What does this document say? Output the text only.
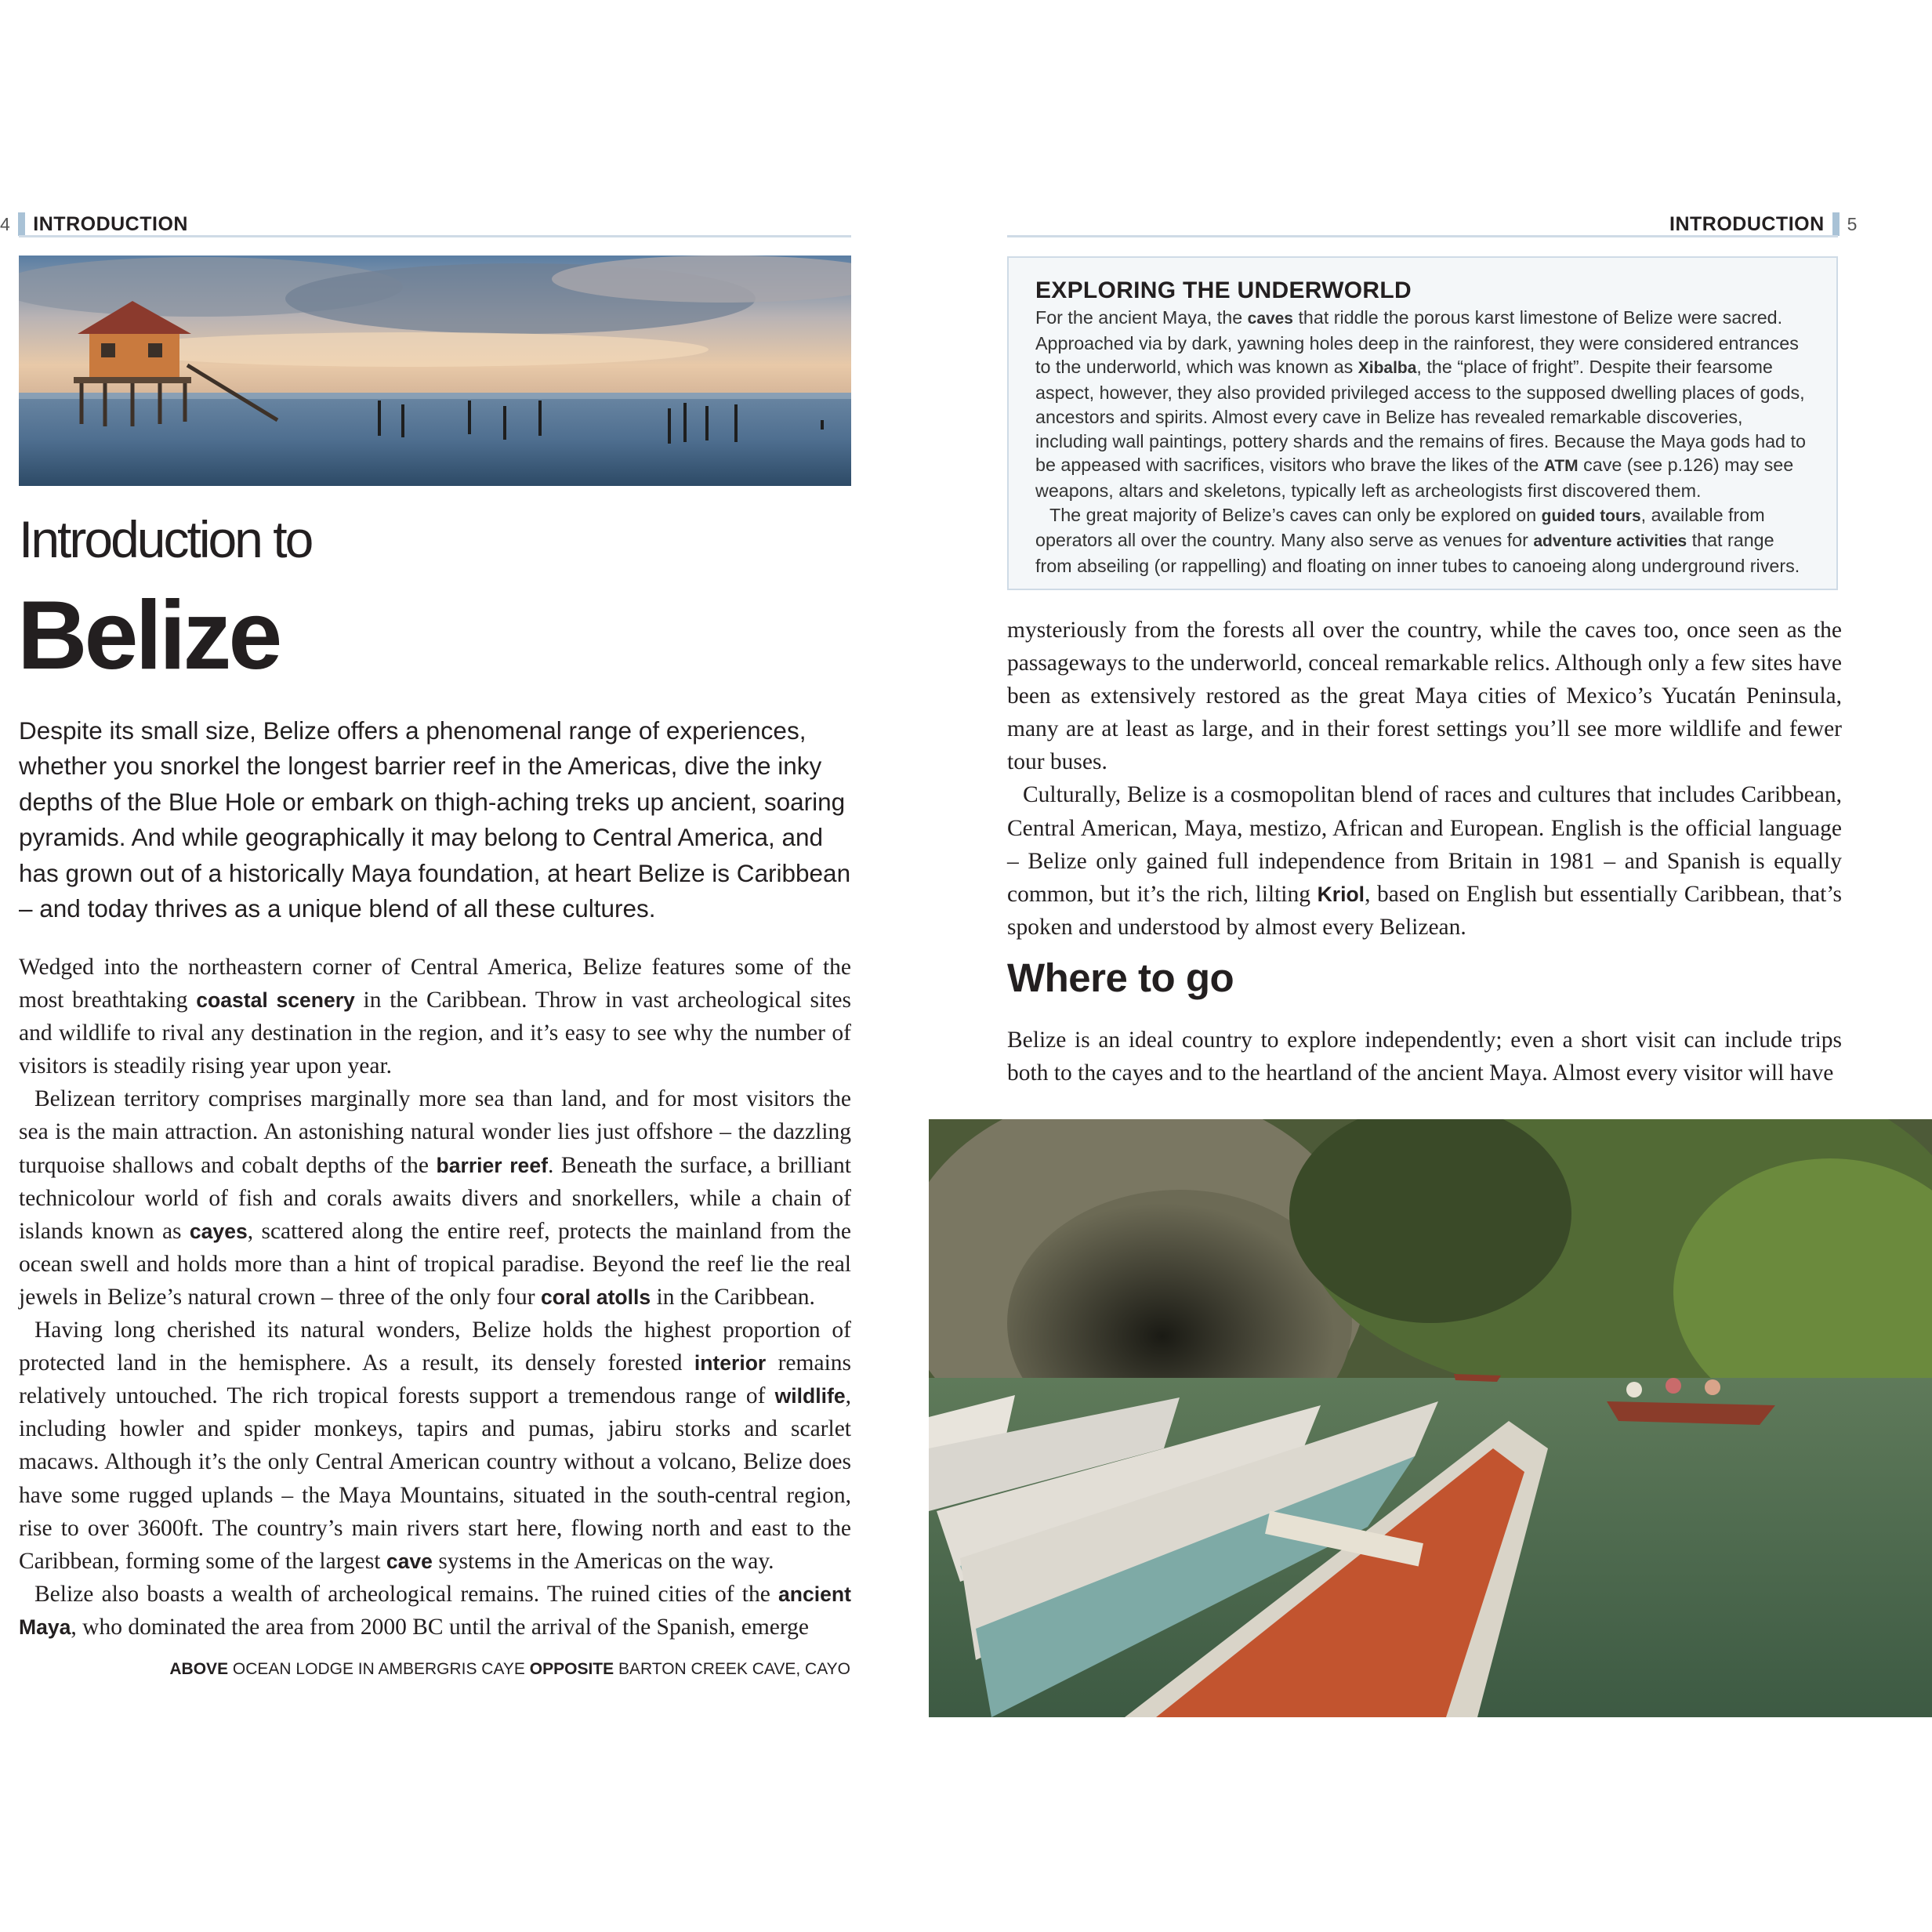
4 INTRODUCTION
Introduction to
Belize
Despite its small size, Belize offers a phenomenal range of experiences, whether you snorkel the longest barrier reef in the Americas, dive the inky depths of the Blue Hole or embark on thigh-aching treks up ancient, soaring pyramids. And while geographically it may belong to Central America, and has grown out of a historically Maya foundation, at heart Belize is Caribbean – and today thrives as a unique blend of all these cultures.

Wedged into the northeastern corner of Central America, Belize features some of the most breathtaking coastal scenery in the Caribbean. Throw in vast archeological sites and wildlife to rival any destination in the region, and it’s easy to see why the number of visitors is steadily rising year upon year.

Belizean territory comprises marginally more sea than land, and for most visitors the sea is the main attraction. An astonishing natural wonder lies just offshore – the dazzling turquoise shallows and cobalt depths of the barrier reef. Beneath the surface, a brilliant technicolour world of fish and corals awaits divers and snorkellers, while a chain of islands known as cayes, scattered along the entire reef, protects the mainland from the ocean swell and holds more than a hint of tropical paradise. Beyond the reef lie the real jewels in Belize’s natural crown – three of the only four coral atolls in the Caribbean.

Having long cherished its natural wonders, Belize holds the highest proportion of protected land in the hemisphere. As a result, its densely forested interior remains relatively untouched. The rich tropical forests support a tremendous range of wildlife, including howler and spider monkeys, tapirs and pumas, jabiru storks and scarlet macaws. Although it’s the only Central American country without a volcano, Belize does have some rugged uplands – the Maya Mountains, situated in the south-central region, rise to over 3600ft. The country’s main rivers start here, flowing north and east to the Caribbean, forming some of the largest cave systems in the Americas on the way.

Belize also boasts a wealth of archeological remains. The ruined cities of the ancient Maya, who dominated the area from 2000 BC until the arrival of the Spanish, emerge

ABOVE OCEAN LODGE IN AMBERGRIS CAYE OPPOSITE BARTON CREEK CAVE, CAYO
INTRODUCTION 5
EXPLORING THE UNDERWORLD

For the ancient Maya, the caves that riddle the porous karst limestone of Belize were sacred. Approached via by dark, yawning holes deep in the rainforest, they were considered entrances to the underworld, which was known as Xibalba, the “place of fright”. Despite their fearsome aspect, however, they also provided privileged access to the supposed dwelling places of gods, ancestors and spirits. Almost every cave in Belize has revealed remarkable discoveries, including wall paintings, pottery shards and the remains of fires. Because the Maya gods had to be appeased with sacrifices, visitors who brave the likes of the ATM cave (see p.126) may see weapons, altars and skeletons, typically left as archeologists first discovered them.

The great majority of Belize’s caves can only be explored on guided tours, available from operators all over the country. Many also serve as venues for adventure activities that range from abseiling (or rappelling) and floating on inner tubes to canoeing along underground rivers.

mysteriously from the forests all over the country, while the caves too, once seen as the passageways to the underworld, conceal remarkable relics. Although only a few sites have been as extensively restored as the great Maya cities of Mexico’s Yucatán Peninsula, many are at least as large, and in their forest settings you’ll see more wildlife and fewer tour buses.

Culturally, Belize is a cosmopolitan blend of races and cultures that includes Caribbean, Central American, Maya, mestizo, African and European. English is the official language – Belize only gained full independence from Britain in 1981 – and Spanish is equally common, but it’s the rich, lilting Kriol, based on English but essentially Caribbean, that’s spoken and understood by almost every Belizean.

Where to go

Belize is an ideal country to explore independently; even a short visit can include trips both to the cayes and to the heartland of the ancient Maya. Almost every visitor will have
